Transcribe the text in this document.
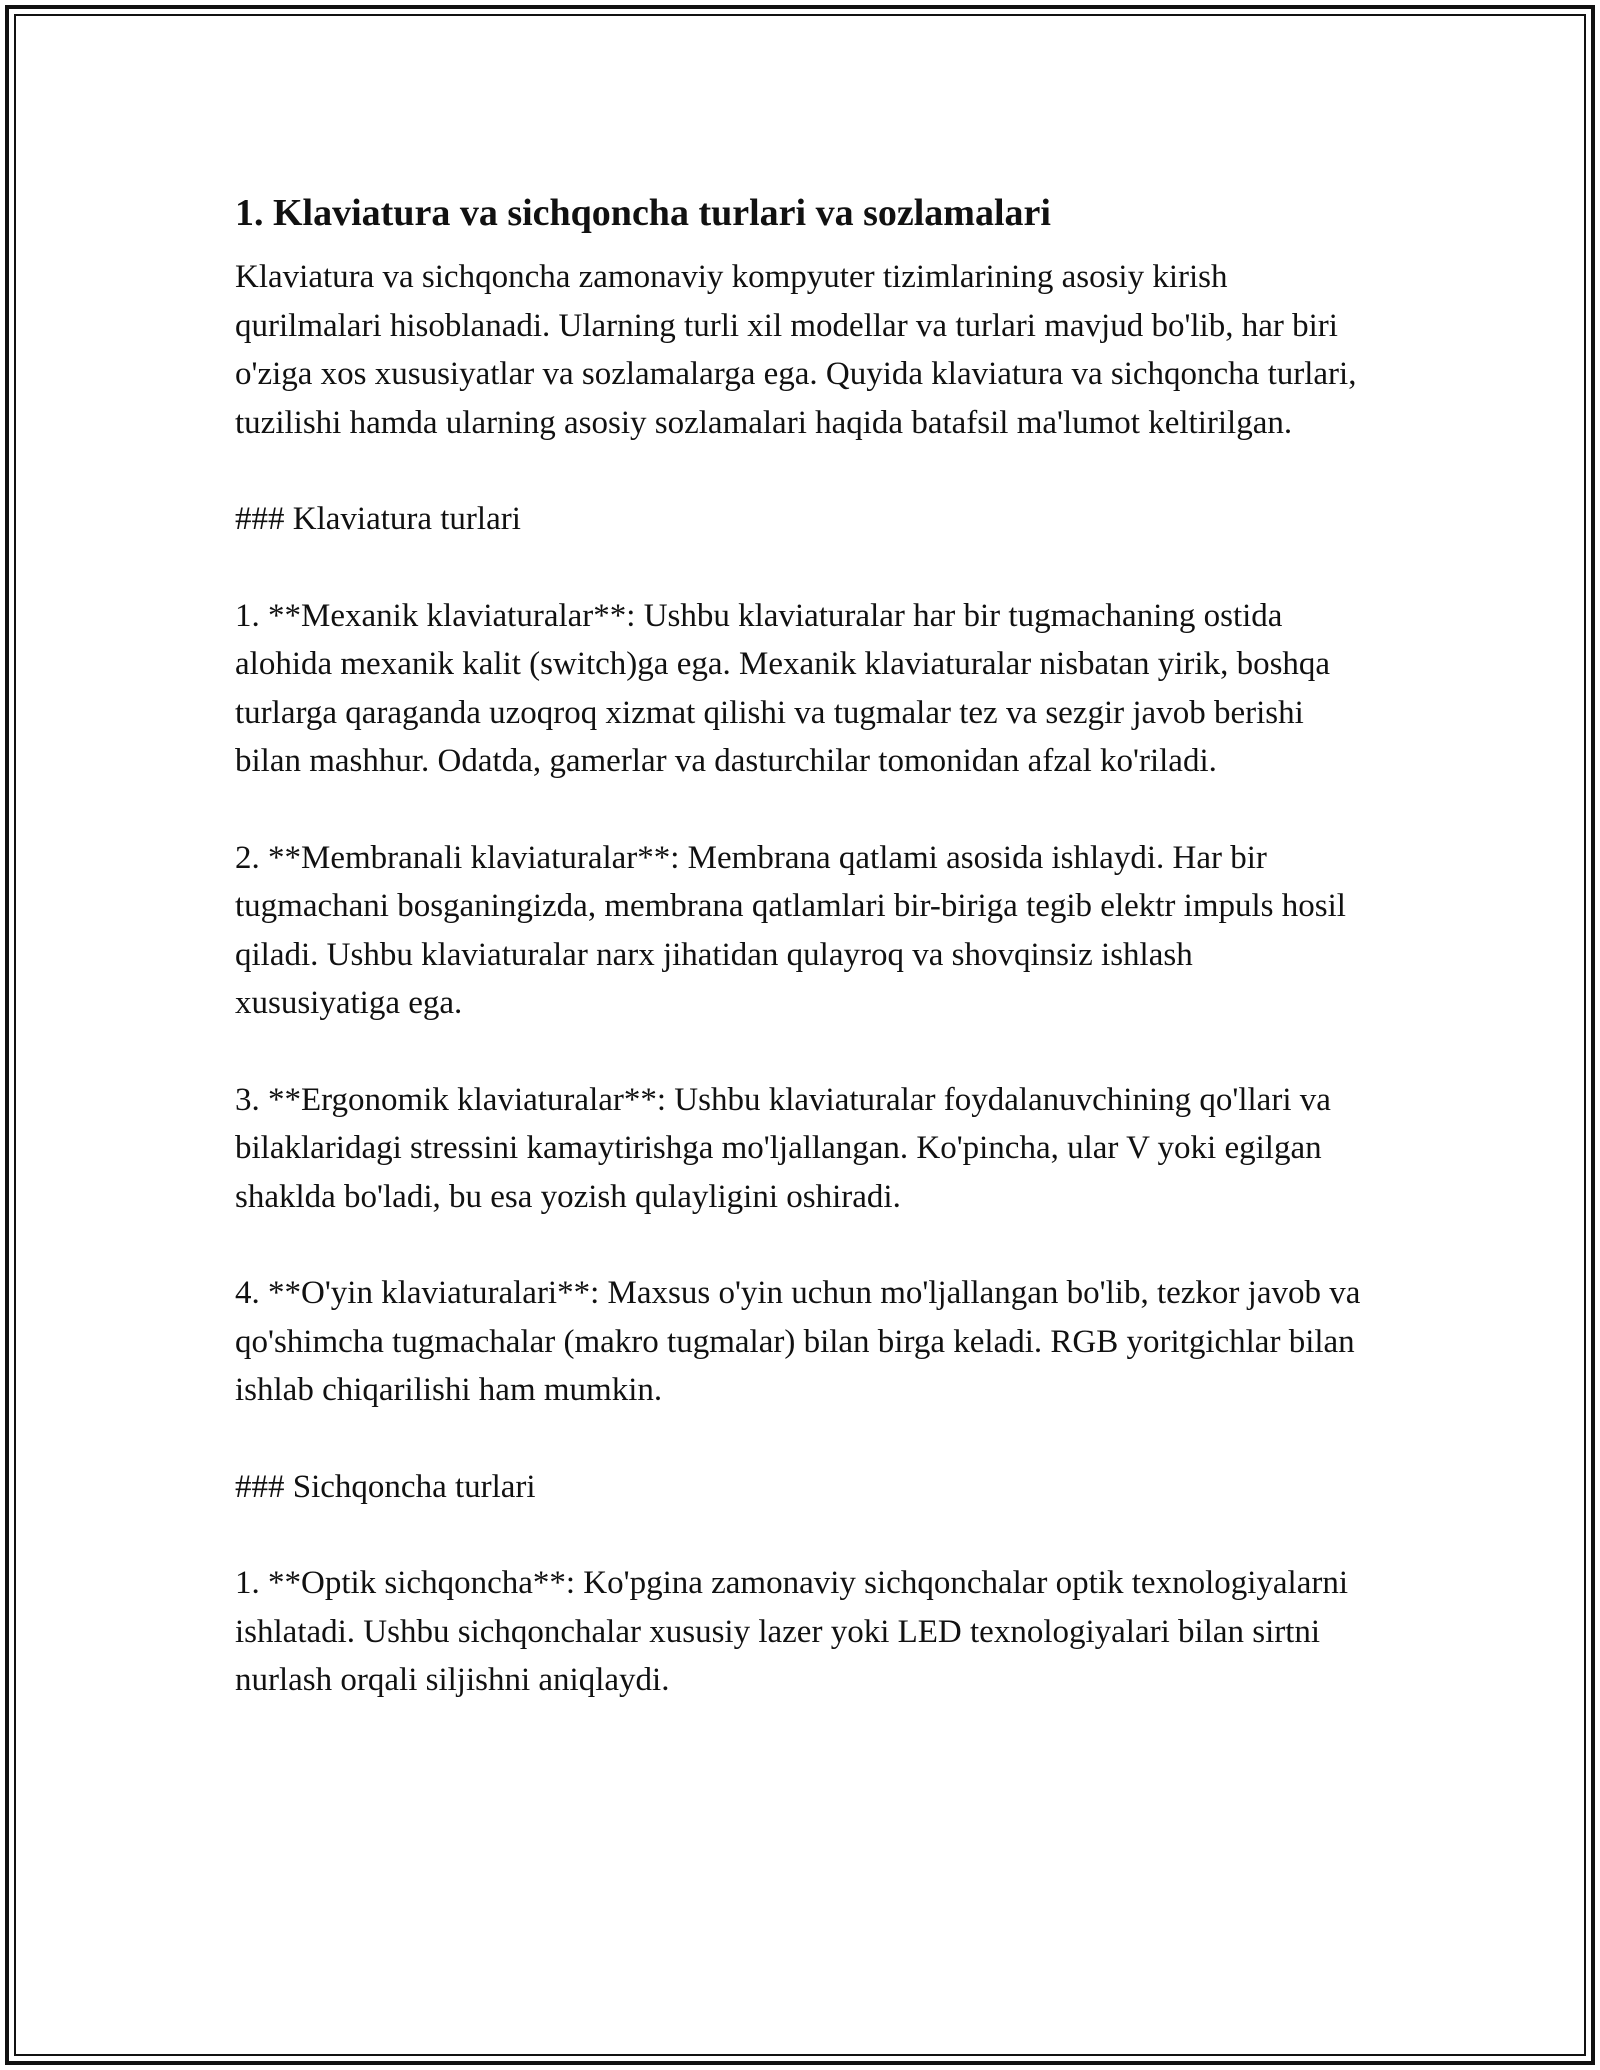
1. Klaviatura va sichqoncha turlari va sozlamalari

Klaviatura va sichqoncha zamonaviy kompyuter tizimlarining asosiy kirish qurilmalari hisoblanadi. Ularning turli xil modellar va turlari mavjud bo'lib, har biri o'ziga xos xususiyatlar va sozlamalarga ega. Quyida klaviatura va sichqoncha turlari, tuzilishi hamda ularning asosiy sozlamalari haqida batafsil ma'lumot keltirilgan.

### Klaviatura turlari

1. **Mexanik klaviaturalar**: Ushbu klaviaturalar har bir tugmachaning ostida alohida mexanik kalit (switch)ga ega. Mexanik klaviaturalar nisbatan yirik, boshqa turlarga qaraganda uzoqroq xizmat qilishi va tugmalar tez va sezgir javob berishi bilan mashhur. Odatda, gamerlar va dasturchilar tomonidan afzal ko'riladi.

2. **Membranali klaviaturalar**: Membrana qatlami asosida ishlaydi. Har bir tugmachani bosganingizda, membrana qatlamlari bir-biriga tegib elektr impuls hosil qiladi. Ushbu klaviaturalar narx jihatidan qulayroq va shovqinsiz ishlash xususiyatiga ega.

3. **Ergonomik klaviaturalar**: Ushbu klaviaturalar foydalanuvchining qo'llari va bilaklaridagi stressini kamaytirishga mo'ljallangan. Ko'pincha, ular V yoki egilgan shaklda bo'ladi, bu esa yozish qulayligini oshiradi.

4. **O'yin klaviaturalari**: Maxsus o'yin uchun mo'ljallangan bo'lib, tezkor javob va qo'shimcha tugmachalar (makro tugmalar) bilan birga keladi. RGB yoritgichlar bilan ishlab chiqarilishi ham mumkin.

### Sichqoncha turlari

1. **Optik sichqoncha**: Ko'pgina zamonaviy sichqonchalar optik texnologiyalarni ishlatadi. Ushbu sichqonchalar xususiy lazer yoki LED texnologiyalari bilan sirtni nurlash orqali siljishni aniqlaydi.
